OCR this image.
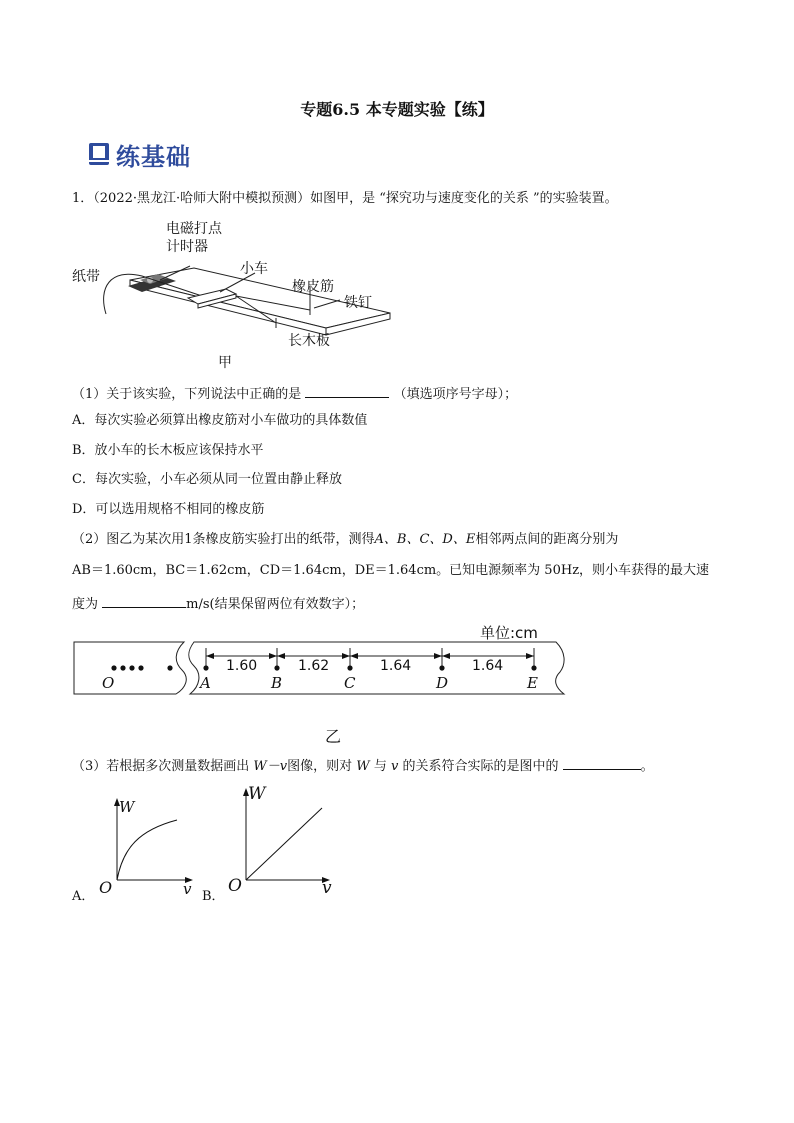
专题6.5 本专题实验【练】
练基础
1．（2022·黑龙江·哈师大附中模拟预测）如图甲，是 “探究功与速度变化的关系 ”的实验装置。
电磁打点
计时器
纸带	小车
橡皮筋
铁钉
长木板
甲
（1）关于该实验，下列说法中正确的是	（填选项序号字母）；
A．每次实验必须算出橡皮筋对小车做功的具体数值
B．放小车的长木板应该保持水平
C．每次实验，小车必须从同一位置由静止释放
D．可以选用规格不相同的橡皮筋
（2）图乙为某次用1条橡皮筋实验打出的纸带，测得A、B、C、D、E相邻两点间的距离分别为
AB＝1.60cm，BC＝1.62cm，CD＝1.64cm，DE＝1.64cm。已知电源频率为 50Hz，则小车获得的最大速
度为	m/s(结果保留两位有效数字）；
单位:cm
1.60	1.62	1.64	1.64
O	A	B	C	D	E
乙
（3）若根据多次测量数据画出 W－v图像，则对 W 与 v 的关系符合实际的是图中的	。
A．
W
v
O	B．
W
v
O
